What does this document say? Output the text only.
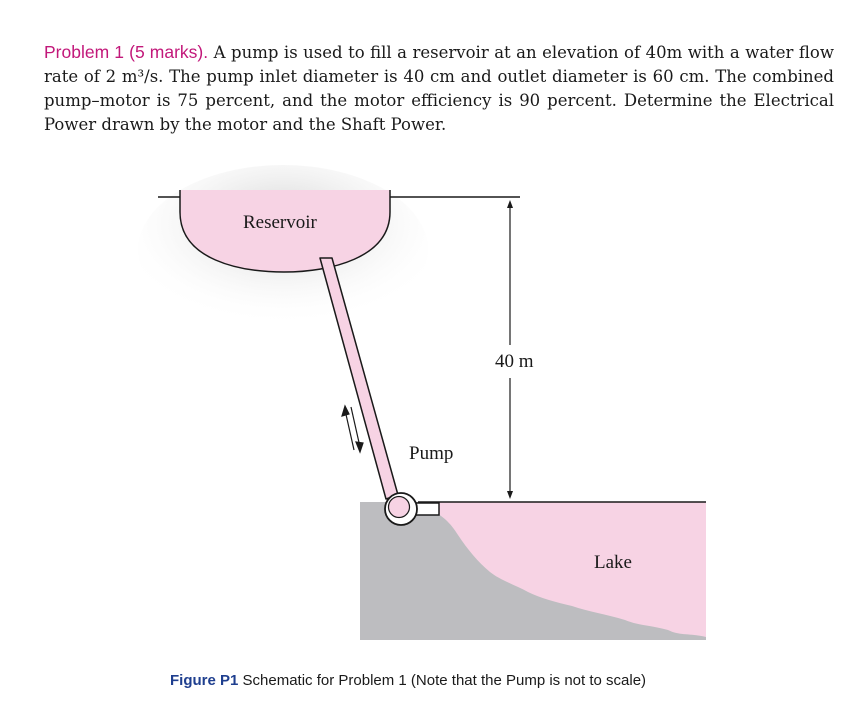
Problem 1 (5 marks). A pump is used to fill a reservoir at an elevation of 40m with a water flow rate of 2 m³/s. The pump inlet diameter is 40 cm and outlet diameter is 60 cm. The combined pump–motor is 75 percent, and the motor efficiency is 90 percent. Determine the Electrical Power drawn by the motor and the Shaft Power.
Reservoir
40 m
Pump
Lake
Figure P1 Schematic for Problem 1 (Note that the Pump is not to scale)
